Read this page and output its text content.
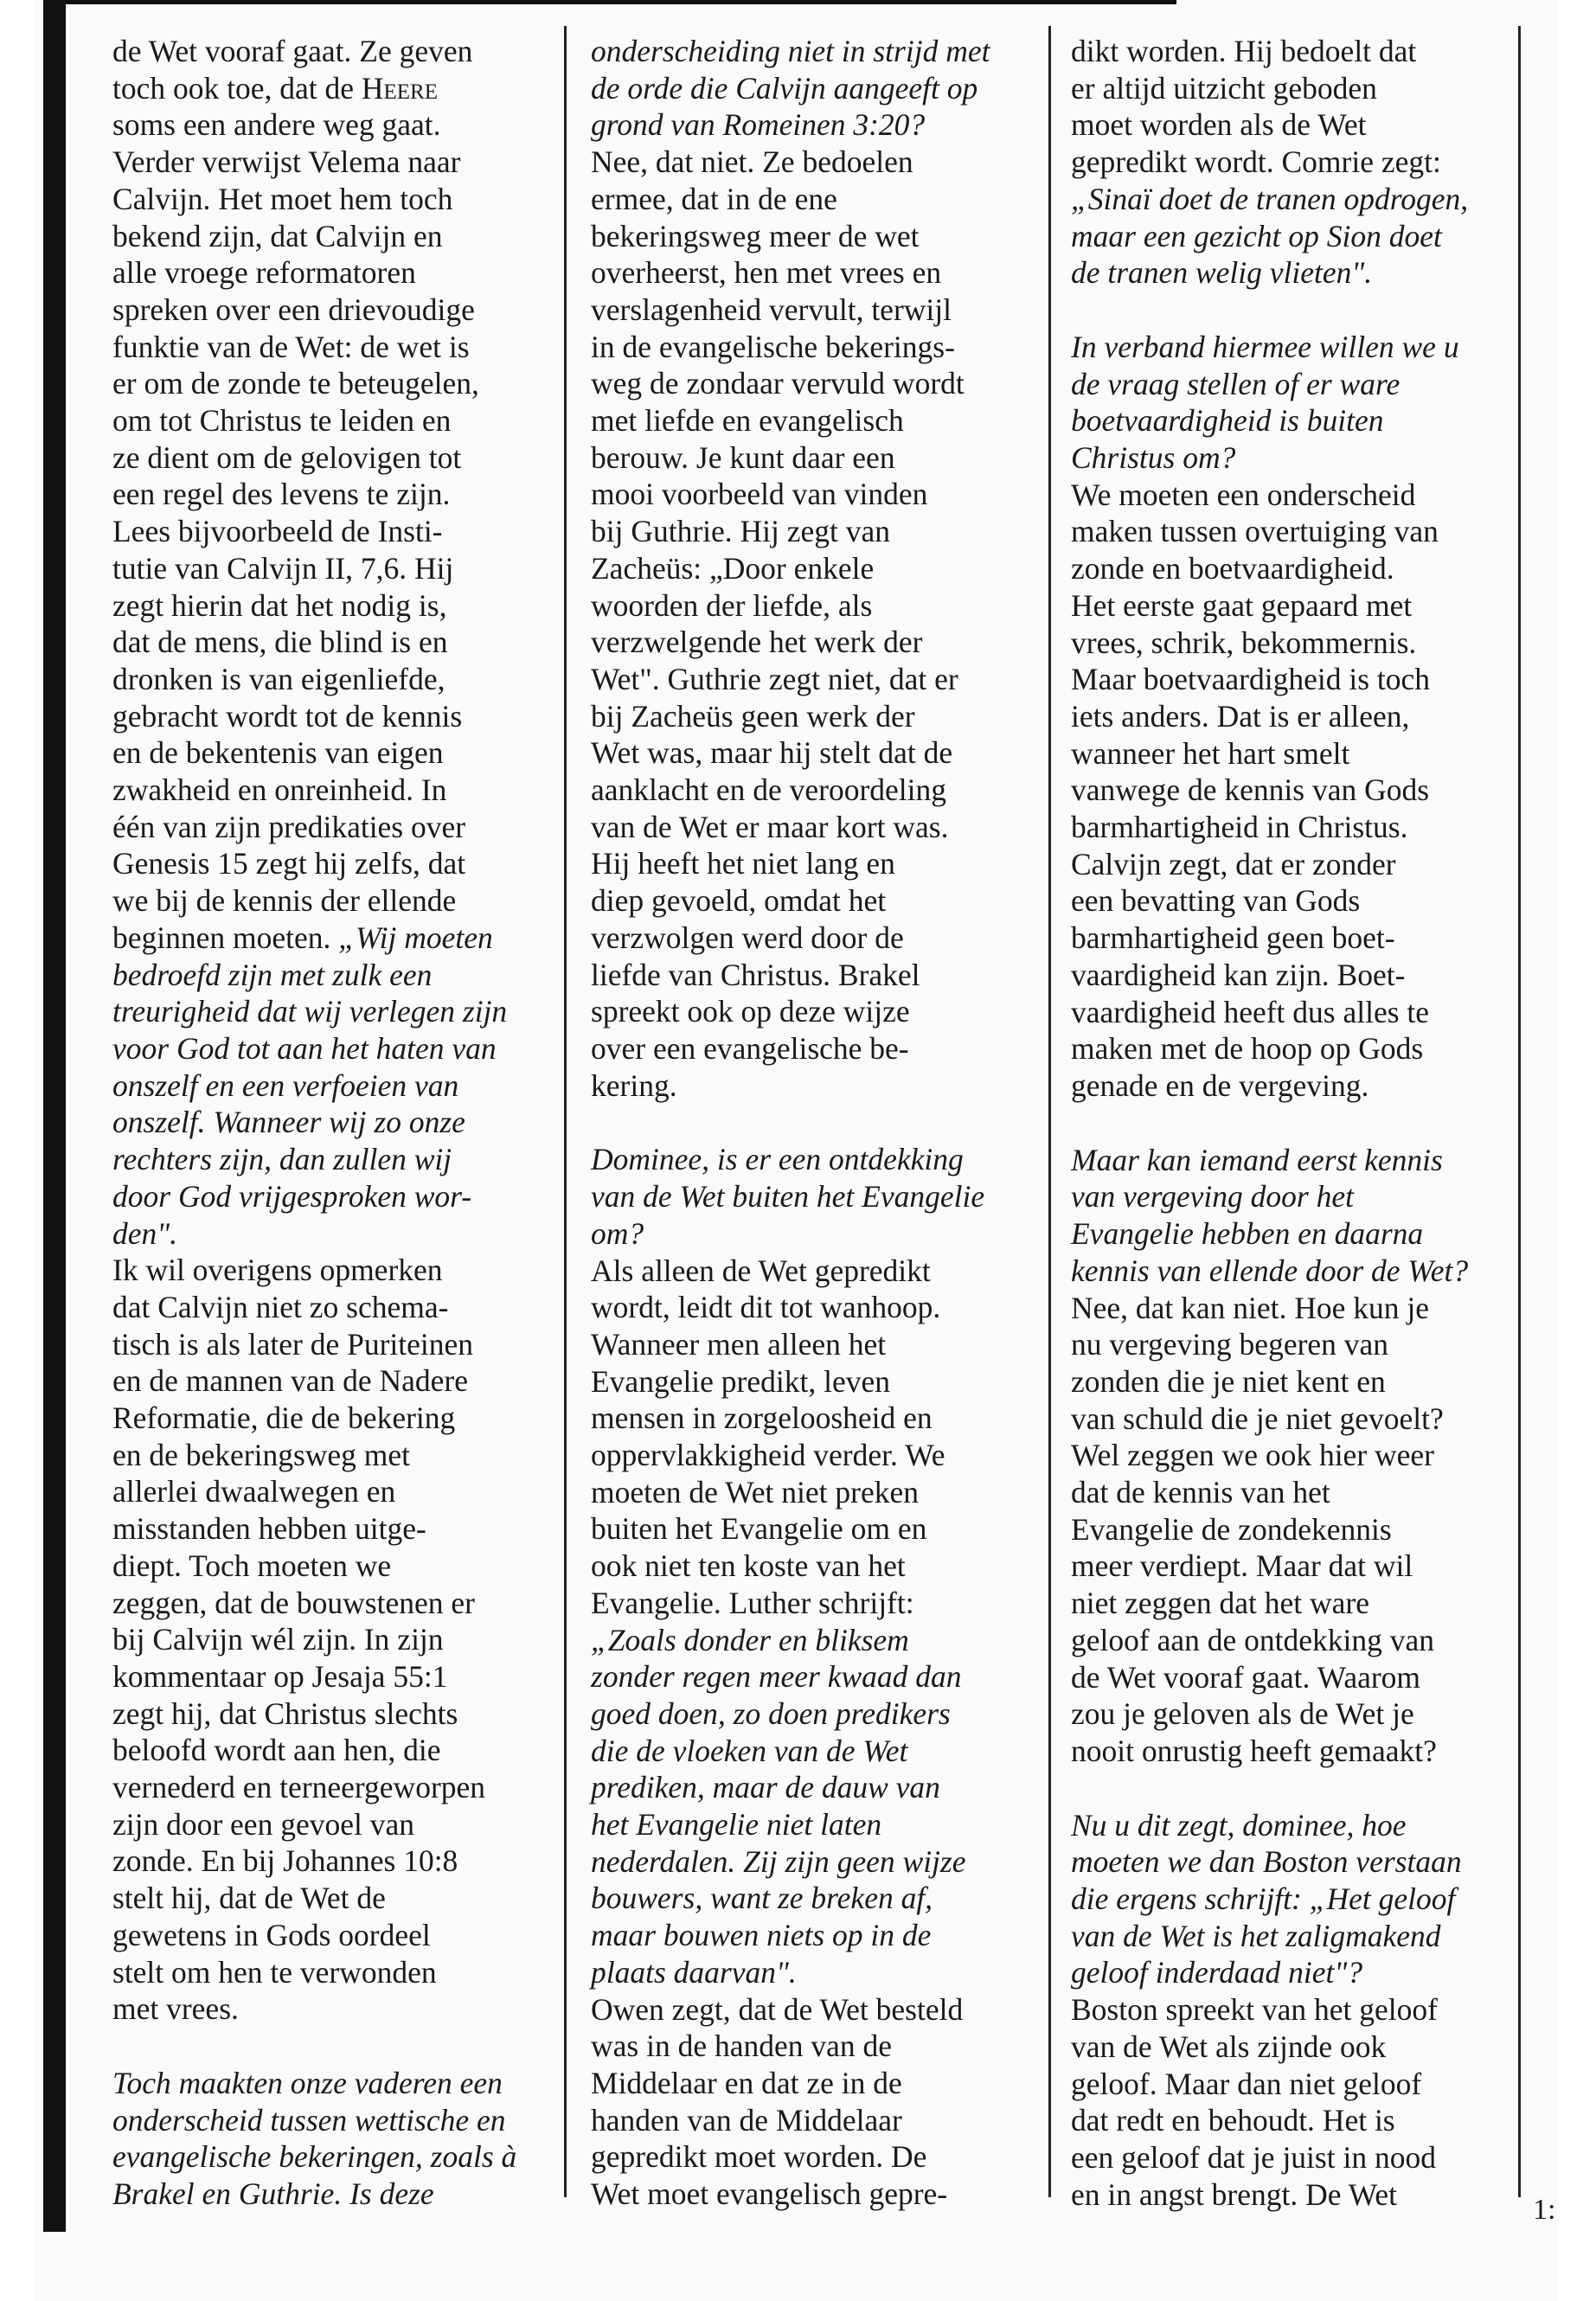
de Wet vooraf gaat. Ze geven

toch ook toe, dat de Heere

soms een andere weg gaat.

Verder verwijst Velema naar

Calvijn. Het moet hem toch

bekend zijn, dat Calvijn en

alle vroege reformatoren

spreken over een drievoudige

funktie van de Wet: de wet is

er om de zonde te beteugelen,

om tot Christus te leiden en

ze dient om de gelovigen tot

een regel des levens te zijn.

Lees bijvoorbeeld de Insti-

tutie van Calvijn II, 7,6. Hij

zegt hierin dat het nodig is,

dat de mens, die blind is en

dronken is van eigenliefde,

gebracht wordt tot de kennis

en de bekentenis van eigen

zwakheid en onreinheid. In

één van zijn predikaties over

Genesis 15 zegt hij zelfs, dat

we bij de kennis der ellende

beginnen moeten. „Wij moeten

bedroefd zijn met zulk een

treurigheid dat wij verlegen zijn

voor God tot aan het haten van

onszelf en een verfoeien van

onszelf. Wanneer wij zo onze

rechters zijn, dan zullen wij

door God vrijgesproken wor-

den".

Ik wil overigens opmerken

dat Calvijn niet zo schema-

tisch is als later de Puriteinen

en de mannen van de Nadere

Reformatie, die de bekering

en de bekeringsweg met

allerlei dwaalwegen en

misstanden hebben uitge-

diept. Toch moeten we

zeggen, dat de bouwstenen er

bij Calvijn wél zijn. In zijn

kommentaar op Jesaja 55:1

zegt hij, dat Christus slechts

beloofd wordt aan hen, die

vernederd en terneergeworpen

zijn door een gevoel van

zonde. En bij Johannes 10:8

stelt hij, dat de Wet de

gewetens in Gods oordeel

stelt om hen te verwonden

met vrees.

Toch maakten onze vaderen een

onderscheid tussen wettische en

evangelische bekeringen, zoals à

Brakel en Guthrie. Is deze

onderscheiding niet in strijd met

de orde die Calvijn aangeeft op

grond van Romeinen 3:20?

Nee, dat niet. Ze bedoelen

ermee, dat in de ene

bekeringsweg meer de wet

overheerst, hen met vrees en

verslagenheid vervult, terwijl

in de evangelische bekerings-

weg de zondaar vervuld wordt

met liefde en evangelisch

berouw. Je kunt daar een

mooi voorbeeld van vinden

bij Guthrie. Hij zegt van

Zacheüs: „Door enkele

woorden der liefde, als

verzwelgende het werk der

Wet". Guthrie zegt niet, dat er

bij Zacheüs geen werk der

Wet was, maar hij stelt dat de

aanklacht en de veroordeling

van de Wet er maar kort was.

Hij heeft het niet lang en

diep gevoeld, omdat het

verzwolgen werd door de

liefde van Christus. Brakel

spreekt ook op deze wijze

over een evangelische be-

kering.

Dominee, is er een ontdekking

van de Wet buiten het Evangelie

om?

Als alleen de Wet gepredikt

wordt, leidt dit tot wanhoop.

Wanneer men alleen het

Evangelie predikt, leven

mensen in zorgeloosheid en

oppervlakkigheid verder. We

moeten de Wet niet preken

buiten het Evangelie om en

ook niet ten koste van het

Evangelie. Luther schrijft:

„Zoals donder en bliksem

zonder regen meer kwaad dan

goed doen, zo doen predikers

die de vloeken van de Wet

prediken, maar de dauw van

het Evangelie niet laten

nederdalen. Zij zijn geen wijze

bouwers, want ze breken af,

maar bouwen niets op in de

plaats daarvan".

Owen zegt, dat de Wet besteld

was in de handen van de

Middelaar en dat ze in de

handen van de Middelaar

gepredikt moet worden. De

Wet moet evangelisch gepre-

dikt worden. Hij bedoelt dat

er altijd uitzicht geboden

moet worden als de Wet

gepredikt wordt. Comrie zegt:

„Sinaï doet de tranen opdrogen,

maar een gezicht op Sion doet

de tranen welig vlieten".

In verband hiermee willen we u

de vraag stellen of er ware

boetvaardigheid is buiten

Christus om?

We moeten een onderscheid

maken tussen overtuiging van

zonde en boetvaardigheid.

Het eerste gaat gepaard met

vrees, schrik, bekommernis.

Maar boetvaardigheid is toch

iets anders. Dat is er alleen,

wanneer het hart smelt

vanwege de kennis van Gods

barmhartigheid in Christus.

Calvijn zegt, dat er zonder

een bevatting van Gods

barmhartigheid geen boet-

vaardigheid kan zijn. Boet-

vaardigheid heeft dus alles te

maken met de hoop op Gods

genade en de vergeving.

Maar kan iemand eerst kennis

van vergeving door het

Evangelie hebben en daarna

kennis van ellende door de Wet?

Nee, dat kan niet. Hoe kun je

nu vergeving begeren van

zonden die je niet kent en

van schuld die je niet gevoelt?

Wel zeggen we ook hier weer

dat de kennis van het

Evangelie de zondekennis

meer verdiept. Maar dat wil

niet zeggen dat het ware

geloof aan de ontdekking van

de Wet vooraf gaat. Waarom

zou je geloven als de Wet je

nooit onrustig heeft gemaakt?

Nu u dit zegt, dominee, hoe

moeten we dan Boston verstaan

die ergens schrijft: „Het geloof

van de Wet is het zaligmakend

geloof inderdaad niet"?

Boston spreekt van het geloof

van de Wet als zijnde ook

geloof. Maar dan niet geloof

dat redt en behoudt. Het is

een geloof dat je juist in nood

en in angst brengt. De Wet	1:
